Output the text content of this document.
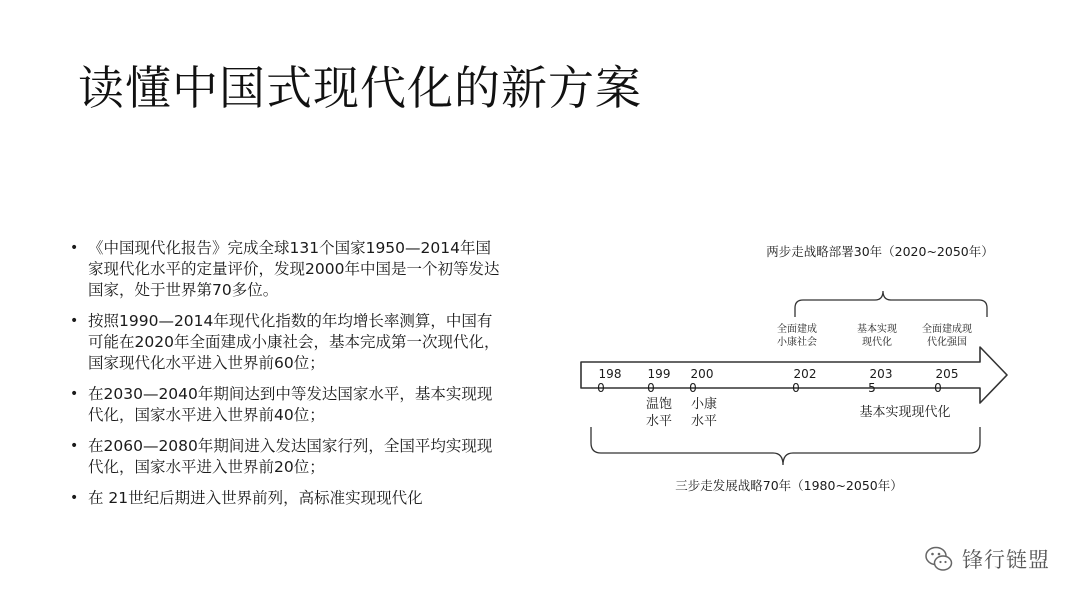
读懂中国式现代化的新方案
• 《中国现代化报告》完成全球131个国家1950—2014年国家现代化水平的定量评价，发现2000年中国是一个初等发达国家，处于世界第70多位。
• 按照1990—2014年现代化指数的年均增长率测算，中国有可能在2020年全面建成小康社会，基本完成第一次现代化，国家现代化水平进入世界前60位；
• 在2030—2040年期间达到中等发达国家水平，基本实现现代化，国家水平进入世界前40位；
• 在2060—2080年期间进入发达国家行列，全国平均实现现代化，国家水平进入世界前20位；
• 在 21世纪后期进入世界前列，高标准实现现代化
两步走战略部署30年（2020~2050年）
全面建成
小康社会
基本实现
现代化
全面建成现
代化强国
198
0
199
0
200
0
202
0
203
5
205
0
温饱
水平
小康
水平
基本实现现代化
三步走发展战略70年（1980~2050年）
锋行链盟
